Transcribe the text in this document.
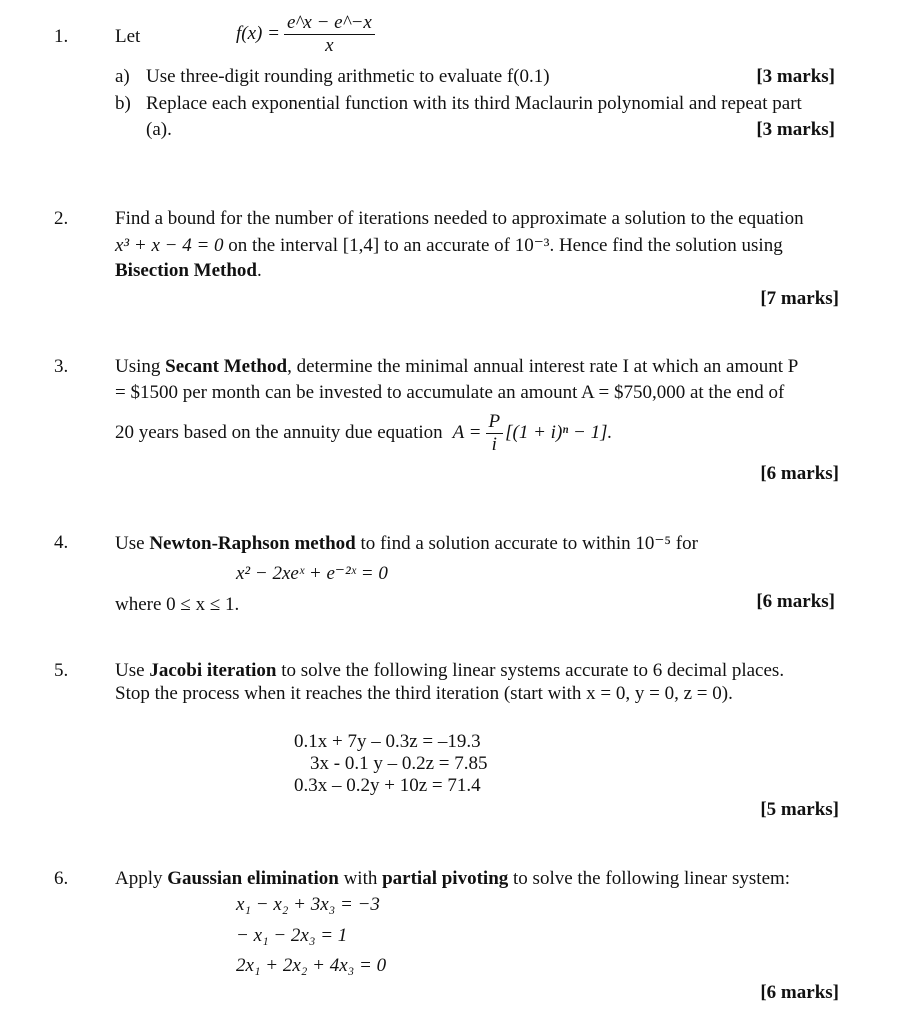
1. Let	$f(x) = \frac{e\^{}x - e\^{}-x}{x}$
a) Use three-digit rounding arithmetic to evaluate f(0.1)	[3 marks]
b) Replace each exponential function with its third Maclaurin polynomial and repeat part
(a).	[3 marks]
2. Find a bound for the number of iterations needed to approximate a solution to the equation
x³ + x − 4 = 0 on the interval [1,4] to an accurate of 10⁻³. Hence find the solution using
Bisection Method.
[7 marks]
3. Using Secant Method, determine the minimal annual interest rate I at which an amount P
= $1500 per month can be invested to accumulate an amount A = $750,000 at the end of
20 years based on the annuity due equation $A = \frac{P}{i} [(1 + i)^n - 1]$.
[6 marks]
4. Use Newton-Raphson method to find a solution accurate to within 10⁻⁵ for
x² − 2xeˣ + e⁻²ˣ = 0
where 0 ≤ x ≤ 1.	[6 marks]
5. Use Jacobi iteration to solve the following linear systems accurate to 6 decimal places.
Stop the process when it reaches the third iteration (start with x = 0, y = 0, z = 0).
0.1x + 7y – 0.3z = –19.3
3x - 0.1 y – 0.2z = 7.85
0.3x – 0.2y + 10z = 71.4
[5 marks]
6. Apply Gaussian elimination with partial pivoting to solve the following linear system:
x₁ − x₂ + 3x₃ = −3
− x₁ − 2x₃ = 1
2x₁ + 2x₂ + 4x₃ = 0
[6 marks]
